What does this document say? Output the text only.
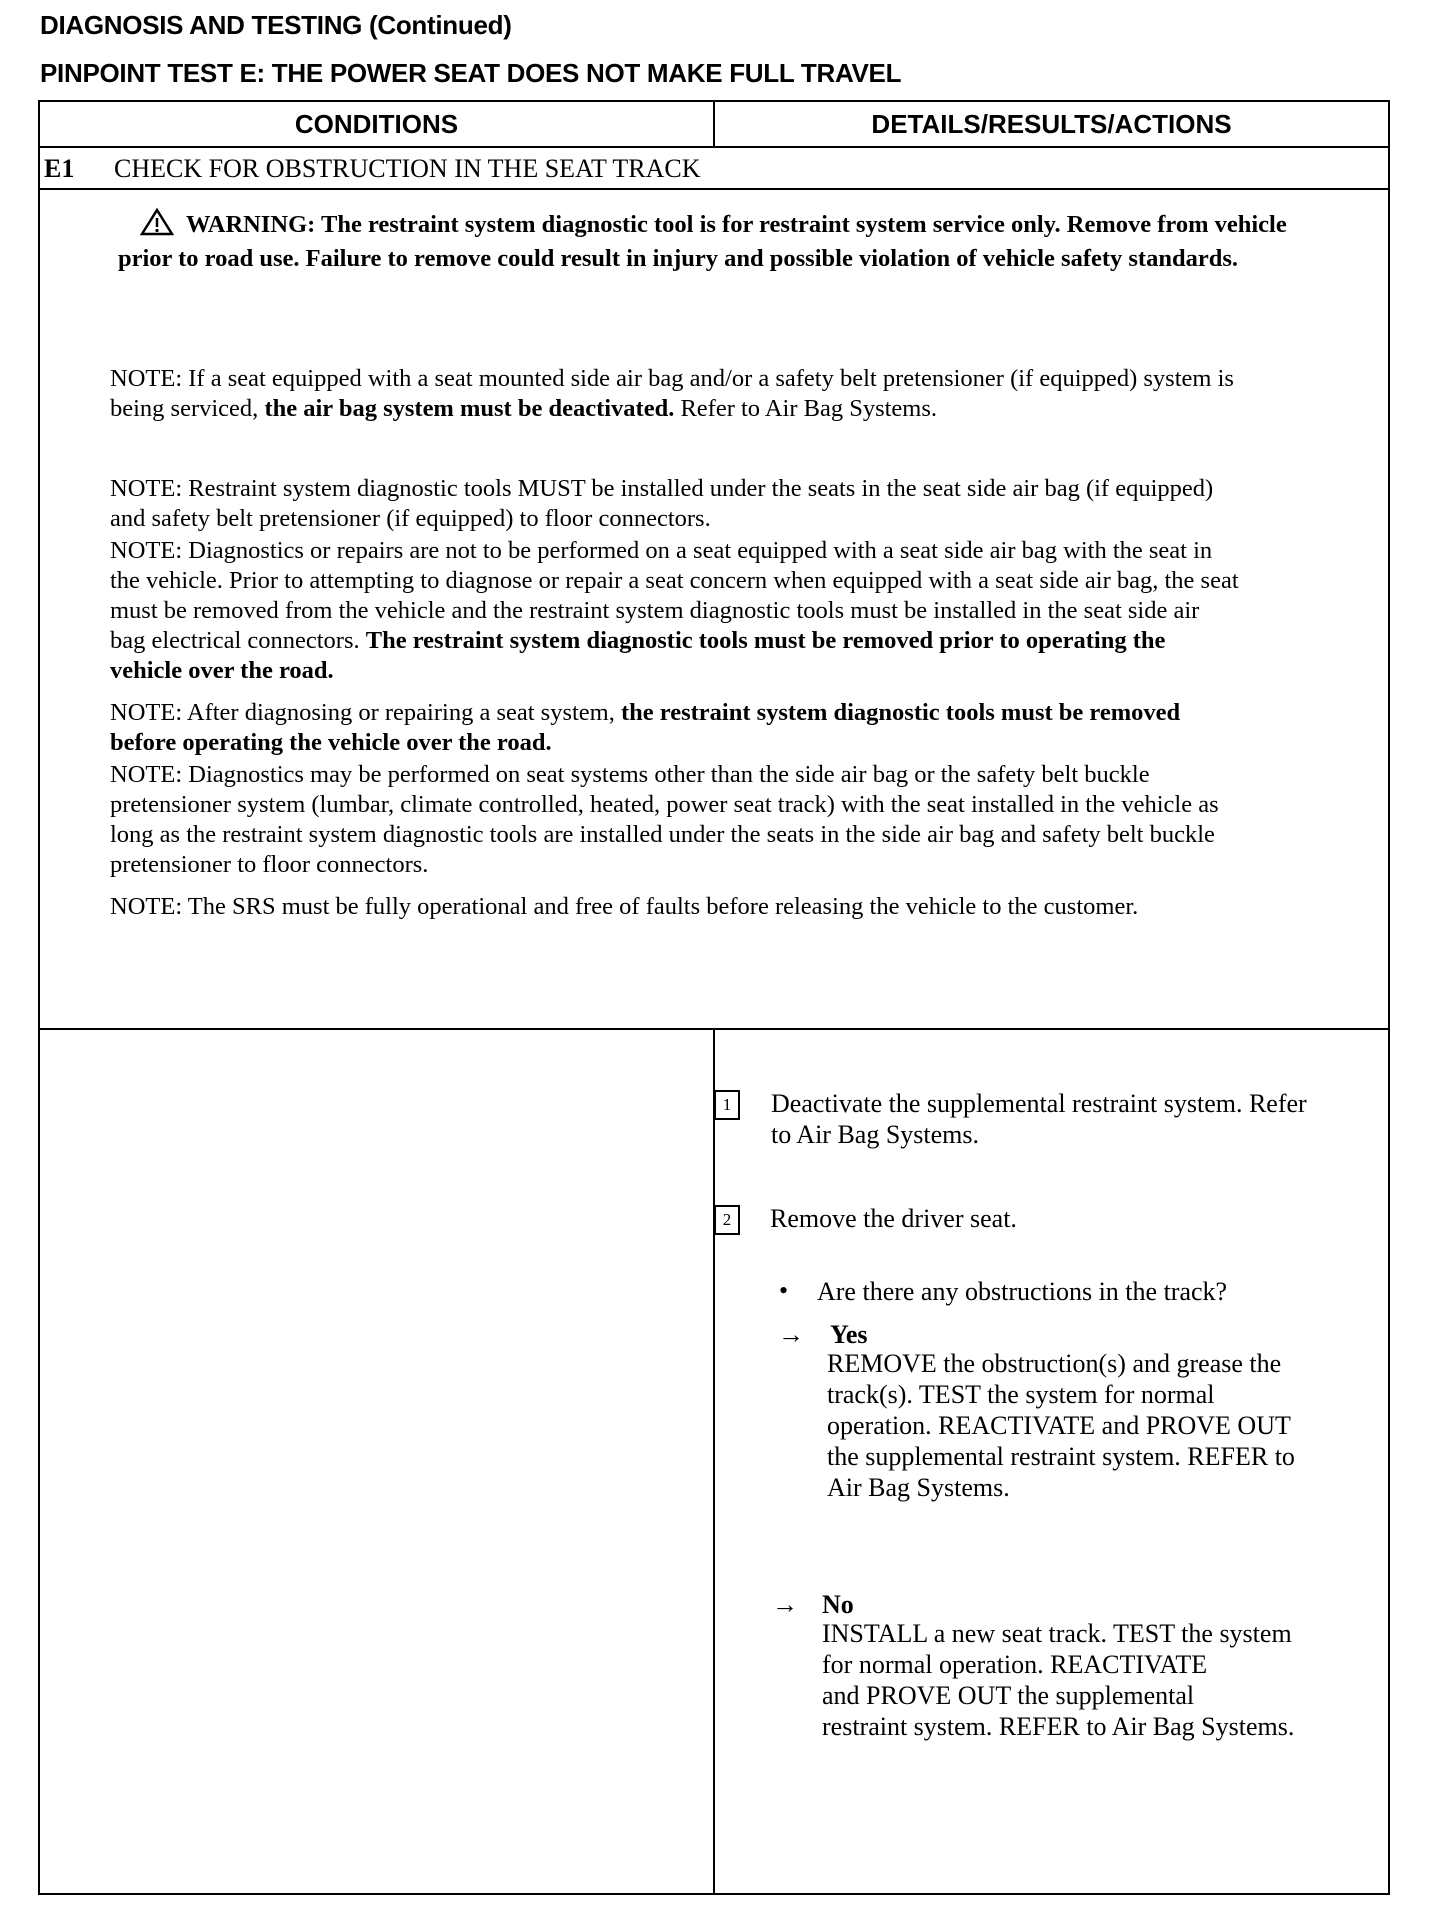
DIAGNOSIS AND TESTING (Continued)
PINPOINT TEST E: THE POWER SEAT DOES NOT MAKE FULL TRAVEL
CONDITIONS	DETAILS/RESULTS/ACTIONS
E1 CHECK FOR OBSTRUCTION IN THE SEAT TRACK
WARNING: The restraint system diagnostic tool is for restraint system service only. Remove from vehicle prior to road use. Failure to remove could result in injury and possible violation of vehicle safety standards.
NOTE: If a seat equipped with a seat mounted side air bag and/or a safety belt pretensioner (if equipped) system is being serviced, the air bag system must be deactivated. Refer to Air Bag Systems.
NOTE: Restraint system diagnostic tools MUST be installed under the seats in the seat side air bag (if equipped) and safety belt pretensioner (if equipped) to floor connectors.
NOTE: Diagnostics or repairs are not to be performed on a seat equipped with a seat side air bag with the seat in the vehicle. Prior to attempting to diagnose or repair a seat concern when equipped with a seat side air bag, the seat must be removed from the vehicle and the restraint system diagnostic tools must be installed in the seat side air bag electrical connectors. The restraint system diagnostic tools must be removed prior to operating the vehicle over the road.
NOTE: After diagnosing or repairing a seat system, the restraint system diagnostic tools must be removed before operating the vehicle over the road.
NOTE: Diagnostics may be performed on seat systems other than the side air bag or the safety belt buckle pretensioner system (lumbar, climate controlled, heated, power seat track) with the seat installed in the vehicle as long as the restraint system diagnostic tools are installed under the seats in the side air bag and safety belt buckle pretensioner to floor connectors.
NOTE: The SRS must be fully operational and free of faults before releasing the vehicle to the customer.
1	Deactivate the supplemental restraint system. Refer
to Air Bag Systems.
2	Remove the driver seat.
• Are there any obstructions in the track?
→ Yes
REMOVE the obstruction(s) and grease the
track(s). TEST the system for normal
operation. REACTIVATE and PROVE OUT
the supplemental restraint system. REFER to
Air Bag Systems.
→ No
INSTALL a new seat track. TEST the system
for normal operation. REACTIVATE
and PROVE OUT the supplemental
restraint system. REFER to Air Bag Systems.
